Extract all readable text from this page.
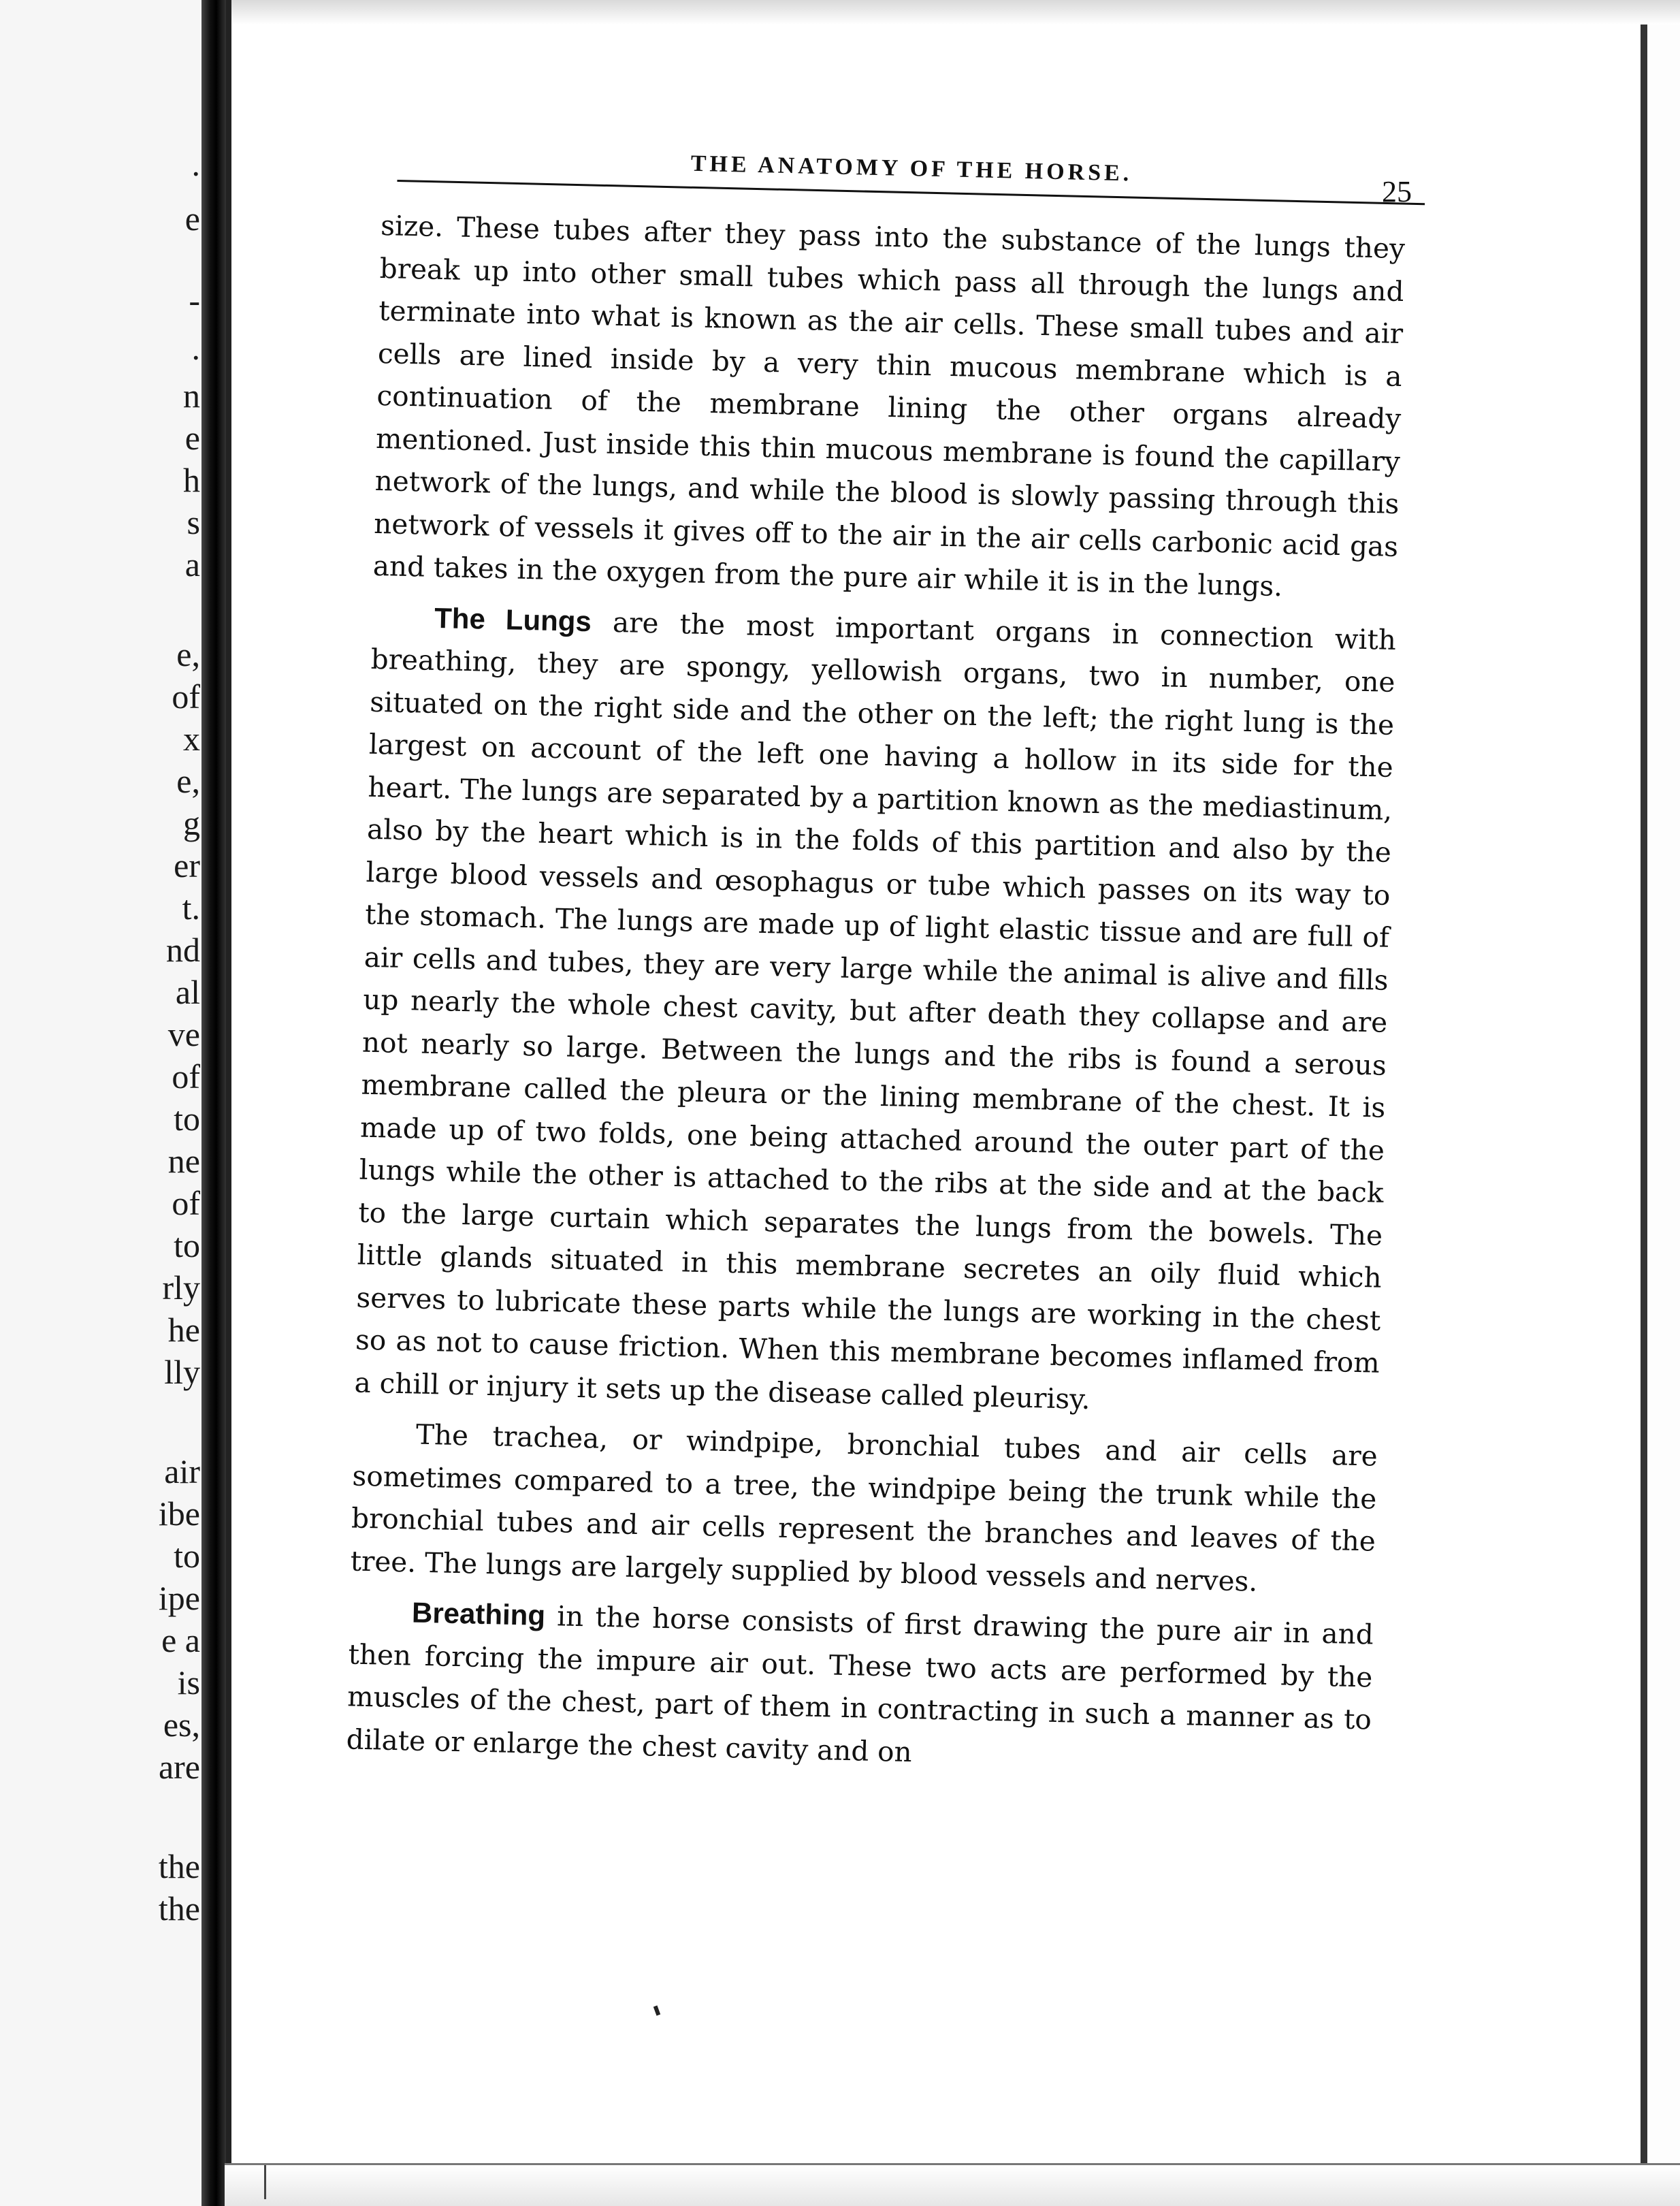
.
e
-
.
n
e
h
s
a
e,
of
x
e,
g
er
t.
nd
al
ve
of
to
ne
of
to
rly
he
lly
air
ibe
to
ipe
e a
is
es,
are
the
the
THE ANATOMY OF THE HORSE.
25

size. These tubes after they pass into the substance of the lungs they break up into other small tubes which pass all through the lungs and terminate into what is known as the air cells. These small tubes and air cells are lined inside by a very thin mucous membrane which is a continuation of the membrane lining the other organs already mentioned. Just inside this thin mucous membrane is found the capillary network of the lungs, and while the blood is slowly passing through this network of vessels it gives off to the air in the air cells carbonic acid gas and takes in the oxygen from the pure air while it is in the lungs.

The Lungs are the most important organs in connection with breathing, they are spongy, yellowish organs, two in number, one situated on the right side and the other on the left; the right lung is the largest on account of the left one having a hollow in its side for the heart. The lungs are separated by a partition known as the mediastinum, also by the heart which is in the folds of this partition and also by the large blood vessels and œsophagus or tube which passes on its way to the stomach. The lungs are made up of light elastic tissue and are full of air cells and tubes, they are very large while the animal is alive and fills up nearly the whole chest cavity, but after death they collapse and are not nearly so large. Between the lungs and the ribs is found a serous membrane called the pleura or the lining membrane of the chest. It is made up of two folds, one being attached around the outer part of the lungs while the other is attached to the ribs at the side and at the back to the large curtain which separates the lungs from the bowels. The little glands situated in this membrane secretes an oily fluid which serves to lubricate these parts while the lungs are working in the chest so as not to cause friction. When this membrane becomes inflamed from a chill or injury it sets up the disease called pleurisy.

The trachea, or windpipe, bronchial tubes and air cells are sometimes compared to a tree, the windpipe being the trunk while the bronchial tubes and air cells represent the branches and leaves of the tree. The lungs are largely supplied by blood vessels and nerves.

Breathing in the horse consists of first drawing the pure air in and then forcing the impure air out. These two acts are performed by the muscles of the chest, part of them in contracting in such a manner as to dilate or enlarge the chest cavity and on
